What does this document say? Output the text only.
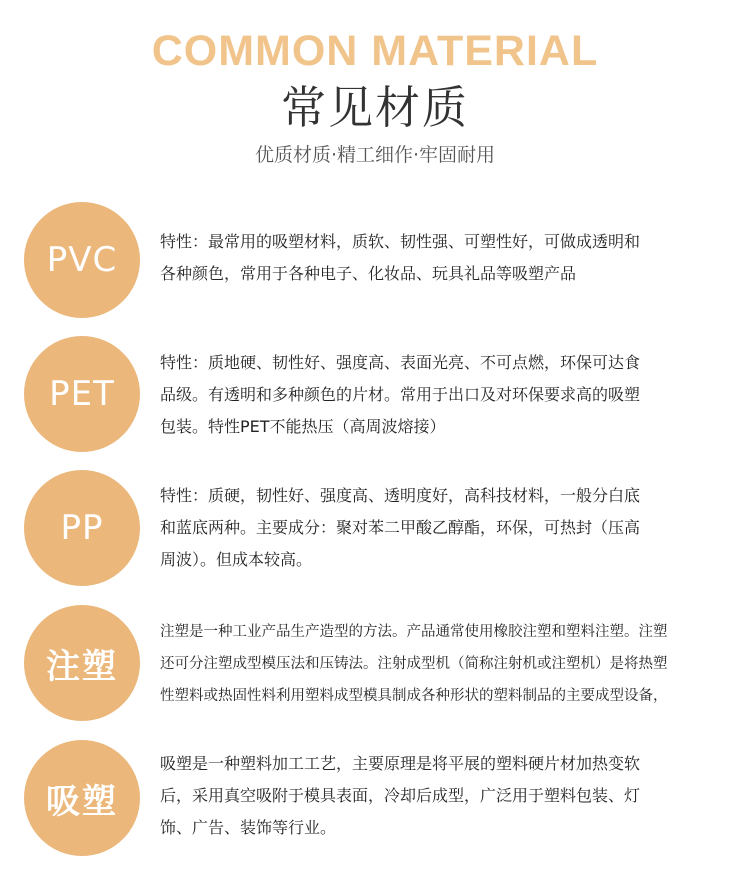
COMMON MATERIAL
常见材质
优质材质·精工细作·牢固耐用
PVC	特性：最常用的吸塑材料，质软、韧性强、可塑性好，可做成透明和
各种颜色，常用于各种电子、化妆品、玩具礼品等吸塑产品
PET
特性：质地硬、韧性好、强度高、表面光亮、不可点燃，环保可达食
品级。有透明和多种颜色的片材。常用于出口及对环保要求高的吸塑
包装。特性PET不能热压（高周波熔接）
PP
特性：质硬，韧性好、强度高、透明度好，高科技材料，一般分白底
和蓝底两种。主要成分：聚对苯二甲酸乙醇酯，环保，可热封（压高
周波）。但成本较高。
注塑
注塑是一种工业产品生产造型的方法。产品通常使用橡胶注塑和塑料注塑。注塑
还可分注塑成型模压法和压铸法。注射成型机（简称注射机或注塑机）是将热塑
性塑料或热固性料利用塑料成型模具制成各种形状的塑料制品的主要成型设备，
吸塑
吸塑是一种塑料加工工艺，主要原理是将平展的塑料硬片材加热变软
后，采用真空吸附于模具表面，冷却后成型，广泛用于塑料包装、灯
饰、广告、装饰等行业。
